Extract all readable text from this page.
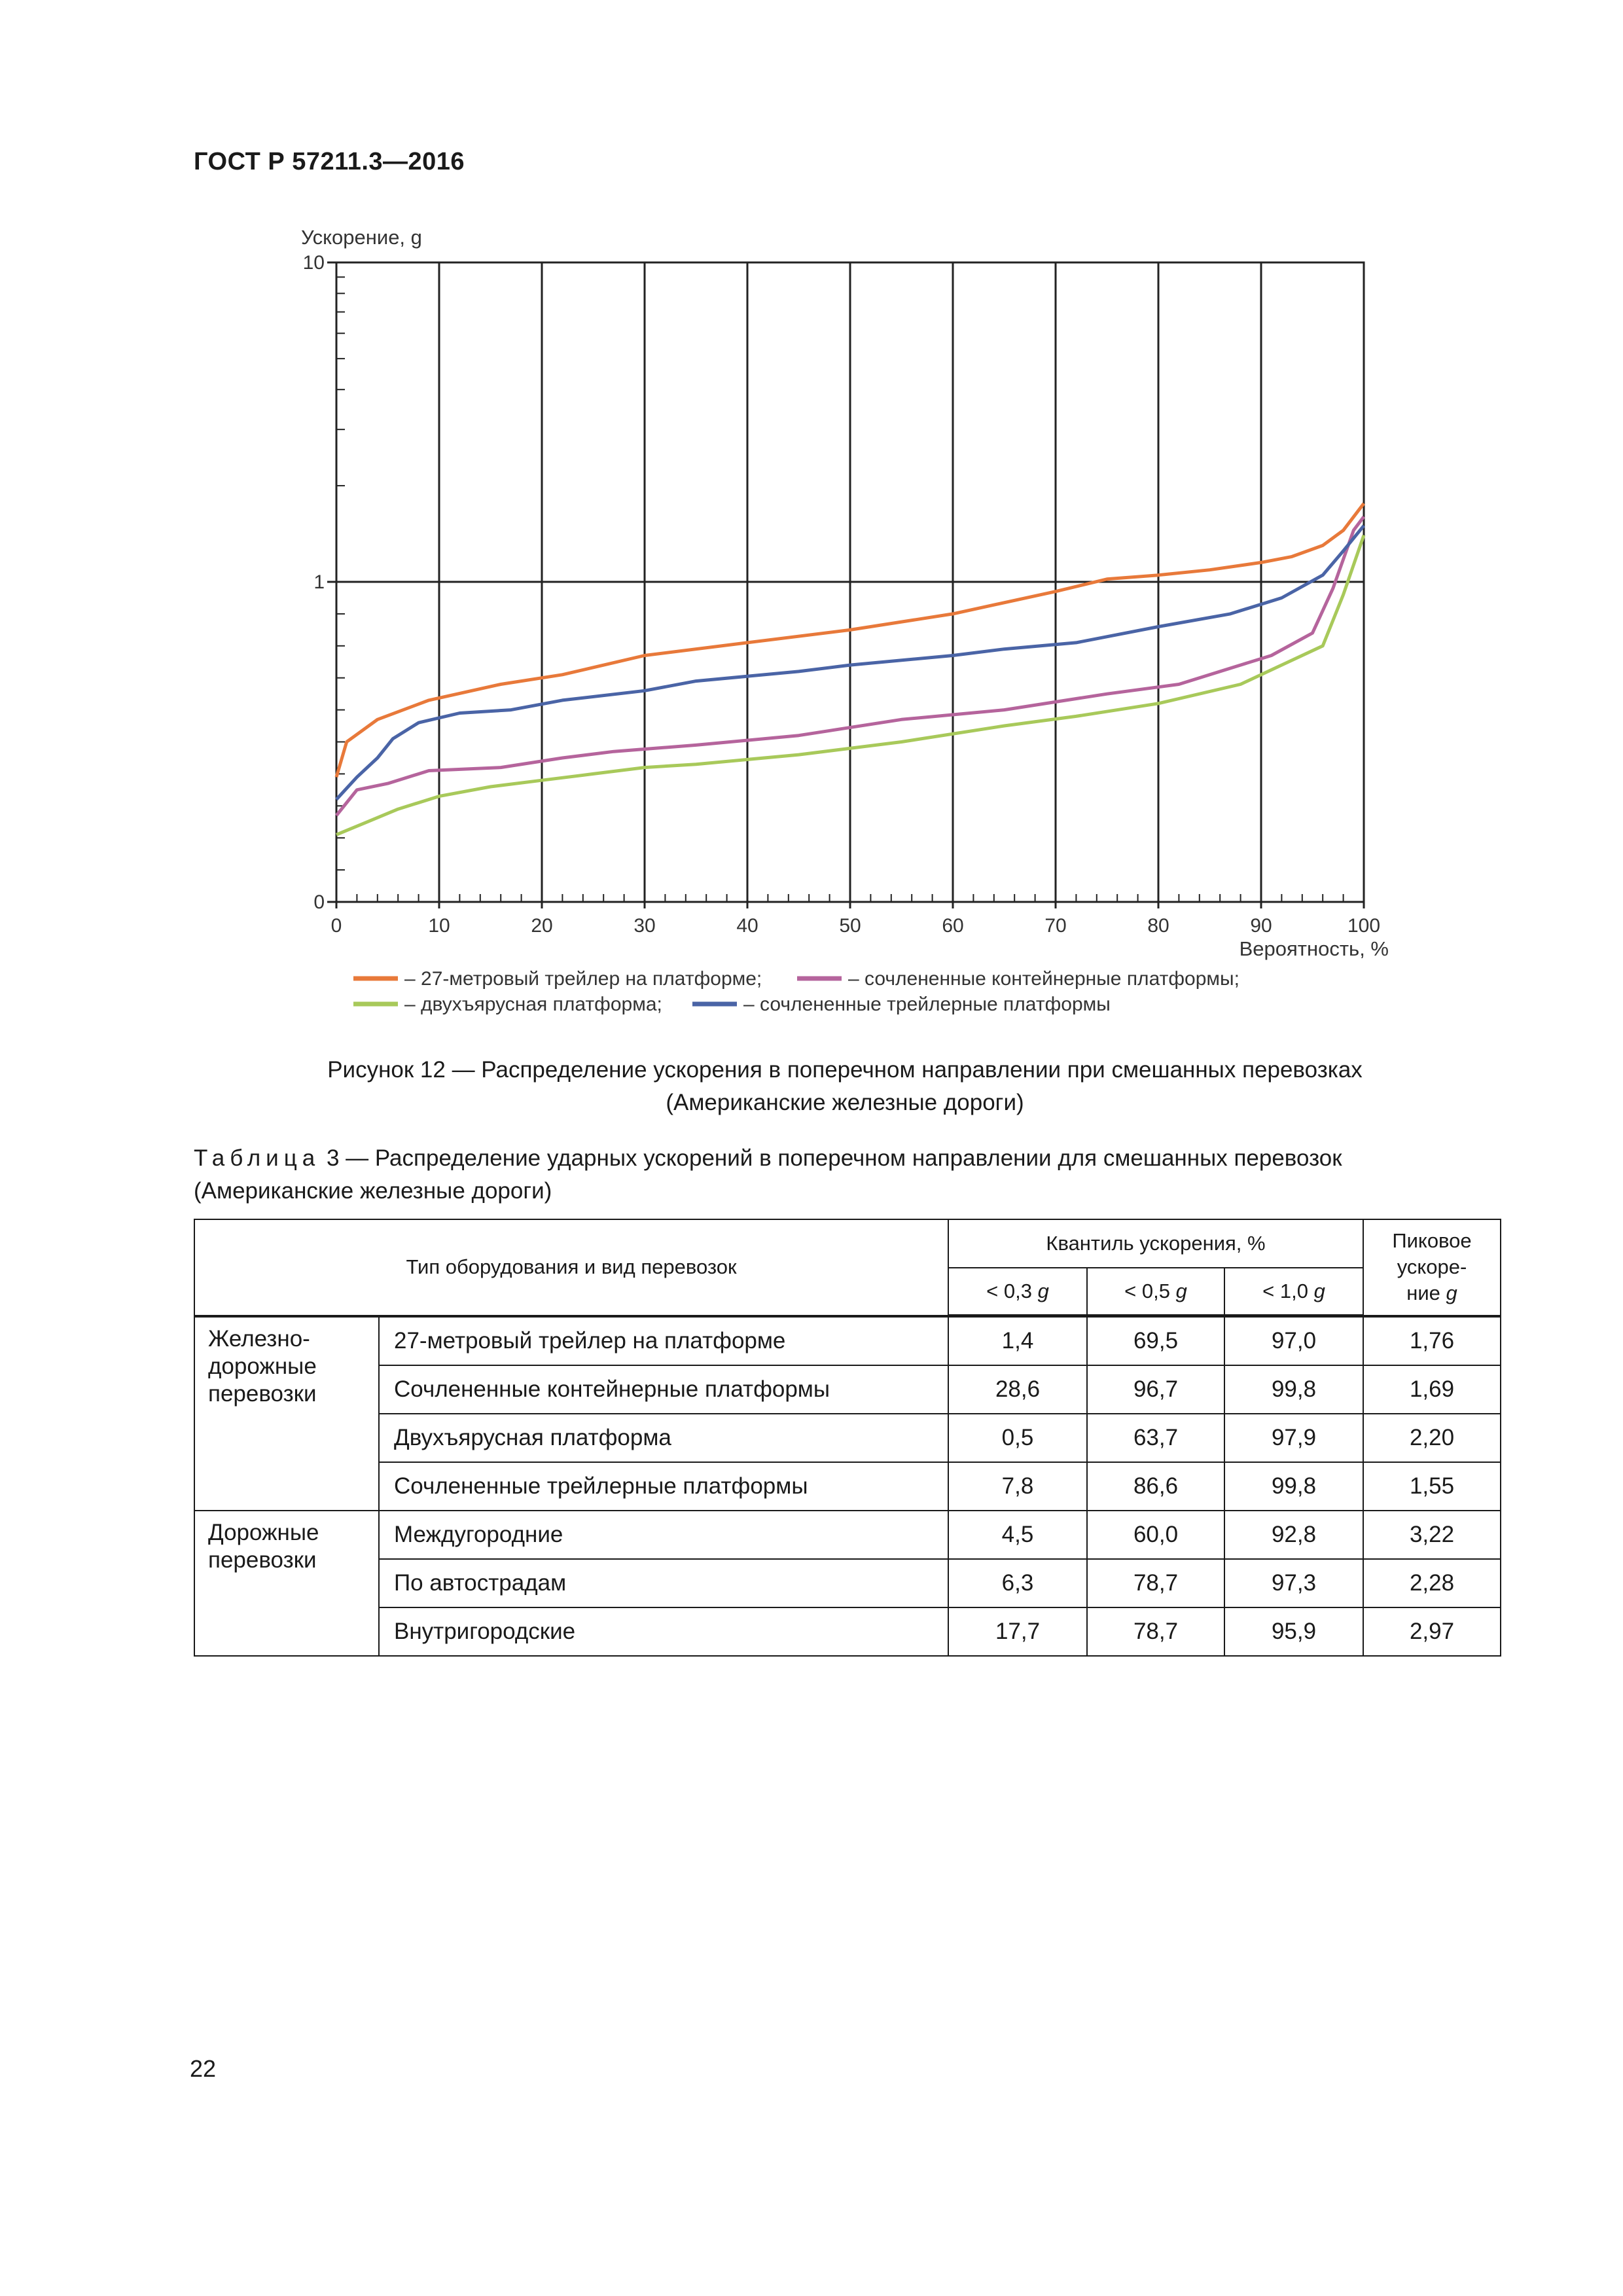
ГОСТ Р 57211.3—2016
10
1
0
0	10	20	30	40	50	60	70	80	90	100
Ускорение, g
Вероятность, %
– 27-метровый трейлер на платформе;	– сочлененные контейнерные платформы;
– двухъярусная платформа;	– сочлененные трейлерные платформы
Рисунок 12 — Распределение ускорения в поперечном направлении при смешанных перевозках
(Американские железные дороги)
Таблица 3 — Распределение ударных ускорений в поперечном направлении для смешанных перевозок (Американские железные дороги)
Тип оборудования и вид перевозок		Квантиль ускорения, %			Пиковое
ускоре-
ние g
		< 0,3 g	< 0,5 g	< 1,0 g	
Железно- дорожные перевозки	27-метровый трейлер на платформе	1,4	69,5	97,0	1,76
	Сочлененные контейнерные платформы	28,6	96,7	99,8	1,69
	Двухъярусная платформа	0,5	63,7	97,9	2,20
	Сочлененные трейлерные платформы	7,8	86,6	99,8	1,55
Дорожные перевозки	Междугородние	4,5	60,0	92,8	3,22
	По автострадам	6,3	78,7	97,3	2,28
	Внутригородские	17,7	78,7	95,9	2,97
22
